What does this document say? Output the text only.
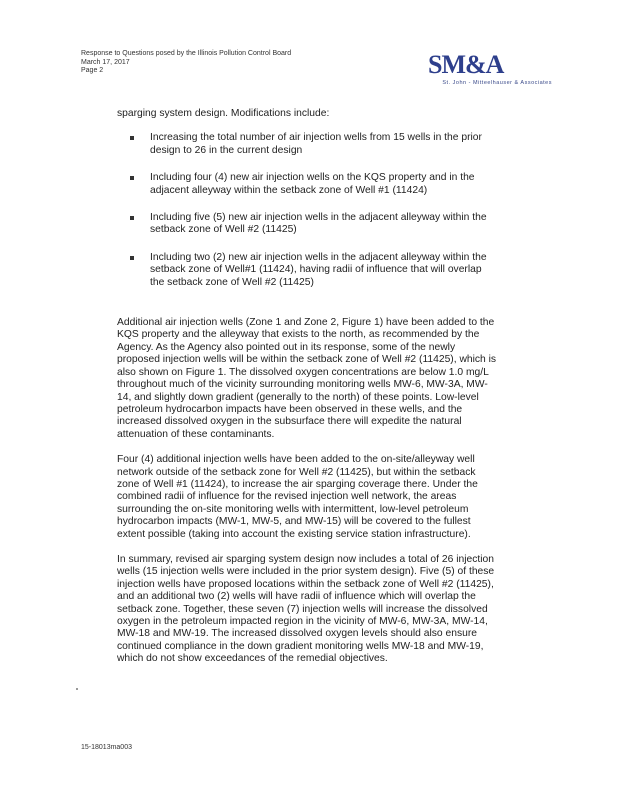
Response to Questions posed by the Illinois Pollution Control Board
March 17, 2017
Page 2	SM&A
St. John - Mitteelhauser & Associates

sparging system design. Modifications include:

Increasing the total number of air injection wells from 15 wells in the prior design to 26 in the current design
Including four (4) new air injection wells on the KQS property and in the adjacent alleyway within the setback zone of Well #1 (11424)
Including five (5) new air injection wells in the adjacent alleyway within the setback zone of Well #2 (11425)
Including two (2) new air injection wells in the adjacent alleyway within the setback zone of Well#1 (11424), having radii of influence that will overlap the setback zone of Well #2 (11425)

Additional air injection wells (Zone 1 and Zone 2, Figure 1) have been added to the KQS property and the alleyway that exists to the north, as recommended by the Agency. As the Agency also pointed out in its response, some of the newly proposed injection wells will be within the setback zone of Well #2 (11425), which is also shown on Figure 1. The dissolved oxygen concentrations are below 1.0 mg/L throughout much of the vicinity surrounding monitoring wells MW-6, MW-3A, MW-14, and slightly down gradient (generally to the north) of these points. Low-level petroleum hydrocarbon impacts have been observed in these wells, and the increased dissolved oxygen in the subsurface there will expedite the natural attenuation of these contaminants.

Four (4) additional injection wells have been added to the on-site/alleyway well network outside of the setback zone for Well #2 (11425), but within the setback zone of Well #1 (11424), to increase the air sparging coverage there. Under the combined radii of influence for the revised injection well network, the areas surrounding the on-site monitoring wells with intermittent, low-level petroleum hydrocarbon impacts (MW-1, MW-5, and MW-15) will be covered to the fullest extent possible (taking into account the existing service station infrastructure).

In summary, revised air sparging system design now includes a total of 26 injection wells (15 injection wells were included in the prior system design). Five (5) of these injection wells have proposed locations within the setback zone of Well #2 (11425), and an additional two (2) wells will have radii of influence which will overlap the setback zone. Together, these seven (7) injection wells will increase the dissolved oxygen in the petroleum impacted region in the vicinity of MW-6, MW-3A, MW-14, MW-18 and MW-19. The increased dissolved oxygen levels should also ensure continued compliance in the down gradient monitoring wells MW-18 and MW-19, which do not show exceedances of the remedial objectives.

15-18013ma003
